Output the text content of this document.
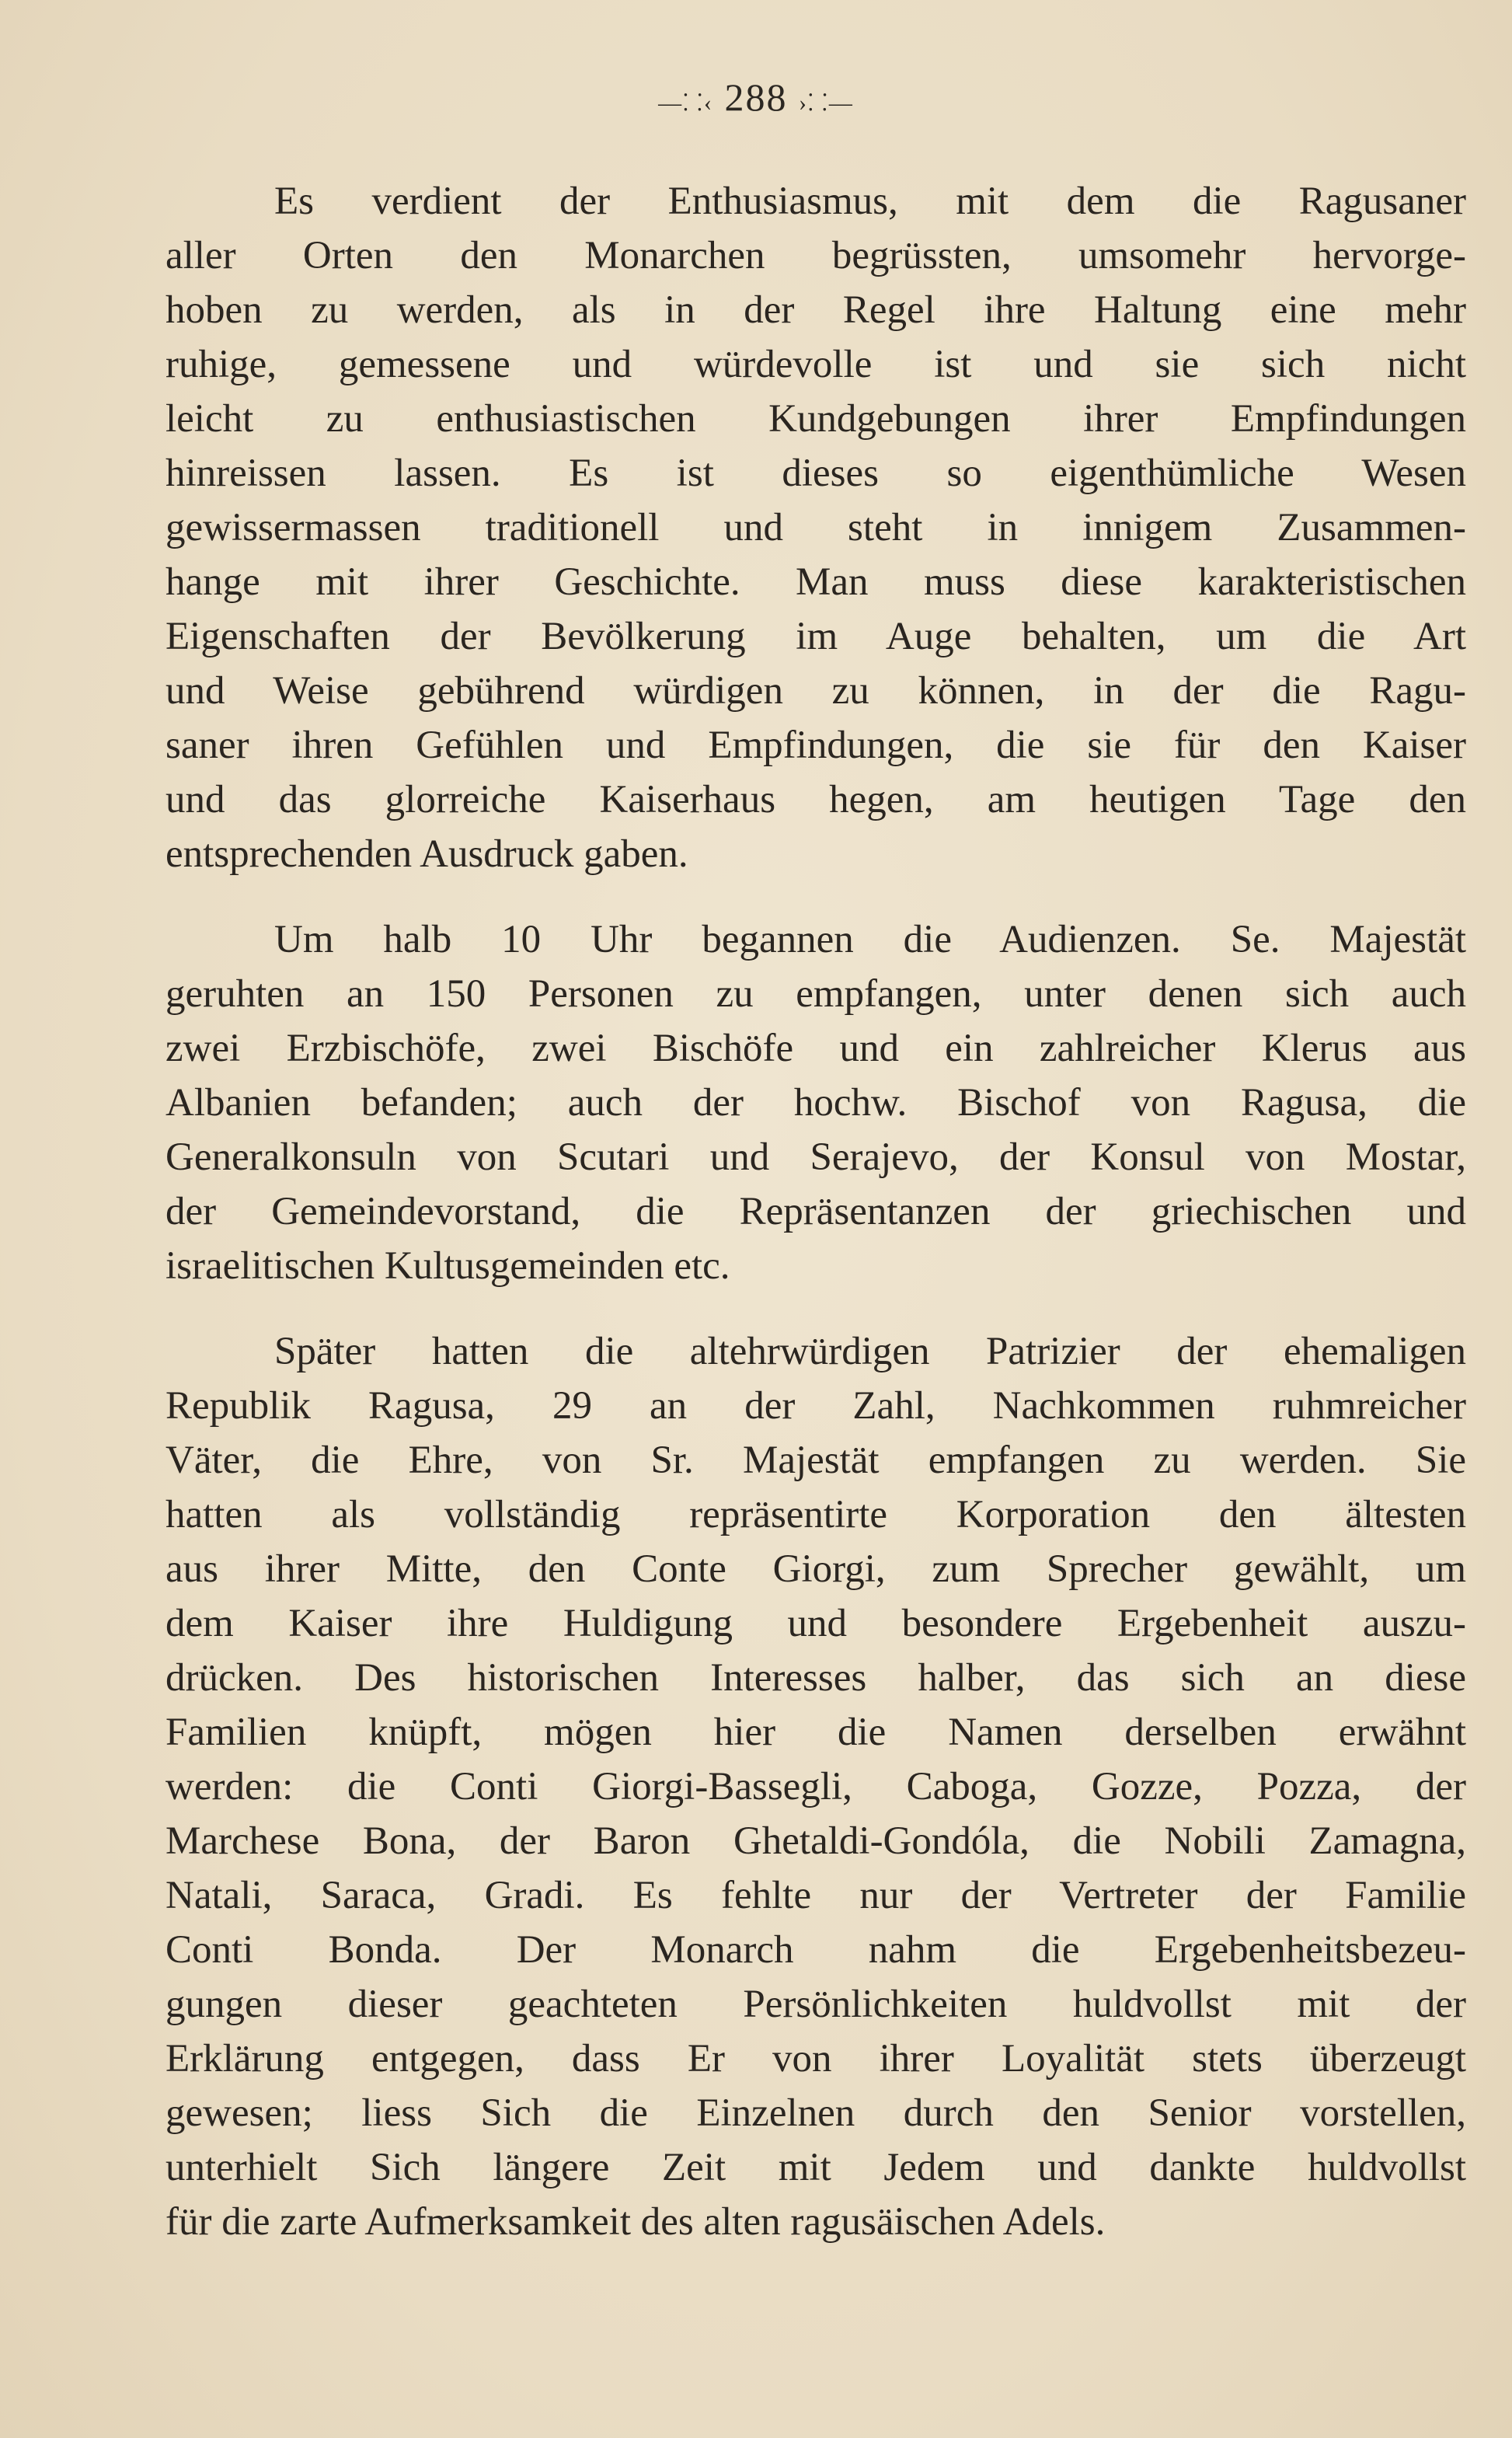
—⸬‹ 288 ›⸬—
Es verdient der Enthusiasmus, mit dem die Ragusaner
aller Orten den Monarchen begrüssten, umsomehr hervorge-
hoben zu werden, als in der Regel ihre Haltung eine mehr
ruhige, gemessene und würdevolle ist und sie sich nicht
leicht zu enthusiastischen Kundgebungen ihrer Empfindungen
hinreissen lassen. Es ist dieses so eigenthümliche Wesen
gewissermassen traditionell und steht in innigem Zusammen-
hange mit ihrer Geschichte. Man muss diese karakteristischen
Eigenschaften der Bevölkerung im Auge behalten, um die Art
und Weise gebührend würdigen zu können, in der die Ragu-
saner ihren Gefühlen und Empfindungen, die sie für den Kaiser
und das glorreiche Kaiserhaus hegen, am heutigen Tage den
entsprechenden Ausdruck gaben.
Um halb 10 Uhr begannen die Audienzen. Se. Majestät
geruhten an 150 Personen zu empfangen, unter denen sich auch
zwei Erzbischöfe, zwei Bischöfe und ein zahlreicher Klerus aus
Albanien befanden; auch der hochw. Bischof von Ragusa, die
Generalkonsuln von Scutari und Serajevo, der Konsul von Mostar,
der Gemeindevorstand, die Repräsentanzen der griechischen und
israelitischen Kultusgemeinden etc.
Später hatten die altehrwürdigen Patrizier der ehemaligen
Republik Ragusa, 29 an der Zahl, Nachkommen ruhmreicher
Väter, die Ehre, von Sr. Majestät empfangen zu werden. Sie
hatten als vollständig repräsentirte Korporation den ältesten
aus ihrer Mitte, den Conte Giorgi, zum Sprecher gewählt, um
dem Kaiser ihre Huldigung und besondere Ergebenheit auszu-
drücken. Des historischen Interesses halber, das sich an diese
Familien knüpft, mögen hier die Namen derselben erwähnt
werden: die Conti Giorgi-Bassegli, Caboga, Gozze, Pozza, der
Marchese Bona, der Baron Ghetaldi-Gondóla, die Nobili Zamagna,
Natali, Saraca, Gradi. Es fehlte nur der Vertreter der Familie
Conti Bonda. Der Monarch nahm die Ergebenheitsbezeu-
gungen dieser geachteten Persönlichkeiten huldvollst mit der
Erklärung entgegen, dass Er von ihrer Loyalität stets überzeugt
gewesen; liess Sich die Einzelnen durch den Senior vorstellen,
unterhielt Sich längere Zeit mit Jedem und dankte huldvollst
für die zarte Aufmerksamkeit des alten ragusäischen Adels.
